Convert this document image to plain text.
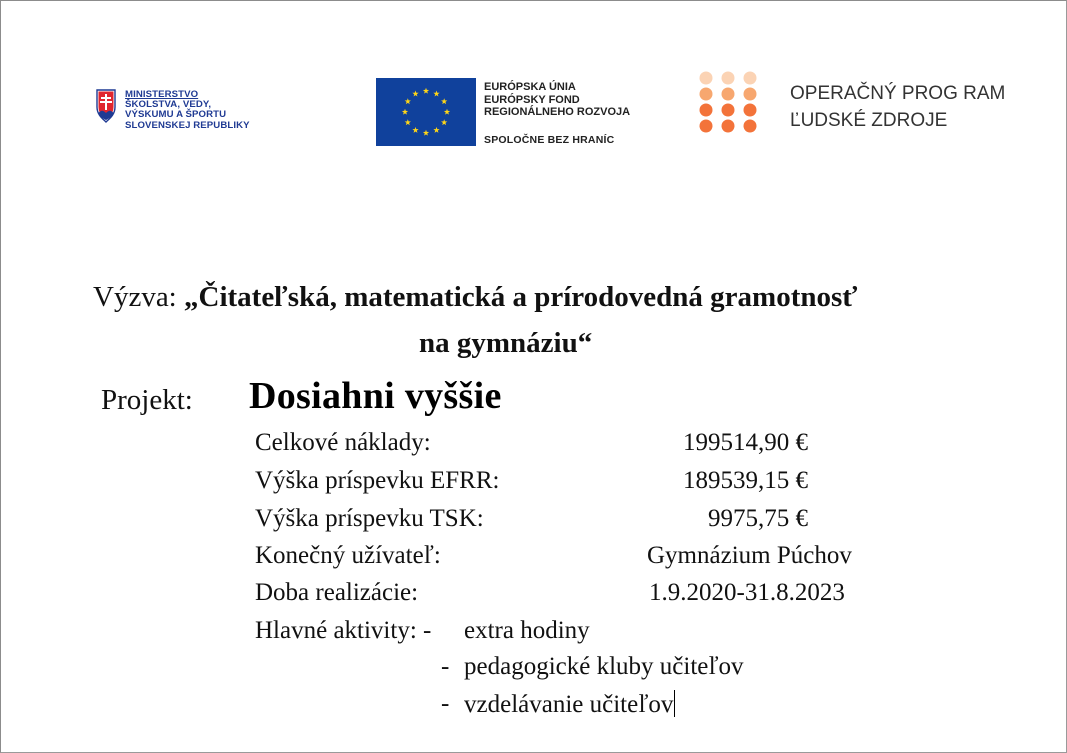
MINISTERSTVO
ŠKOLSTVA, VEDY,
VÝSKUMU A ŠPORTU
SLOVENSKEJ REPUBLIKY
EURÓPSKA ÚNIA
EURÓPSKY FOND
REGIONÁLNEHO ROZVOJA
SPOLOČNE BEZ HRANÍC
OPERAČNÝ PROG RAM
ĽUDSKÉ ZDROJE
Výzva: „Čitateľská, matematická a prírodovedná gramotnosť
na gymnáziu“
Projekt: Dosiahni vyššie
Celkové náklady:	199514,90 €
Výška príspevku EFRR:	189539,15 €
Výška príspevku TSK:	9975,75 €
Konečný užívateľ:	Gymnázium Púchov
Doba realizácie:	1.9.2020-31.8.2023
Hlavné aktivity: - extra hodiny
- pedagogické kluby učiteľov
- vzdelávanie učiteľov
